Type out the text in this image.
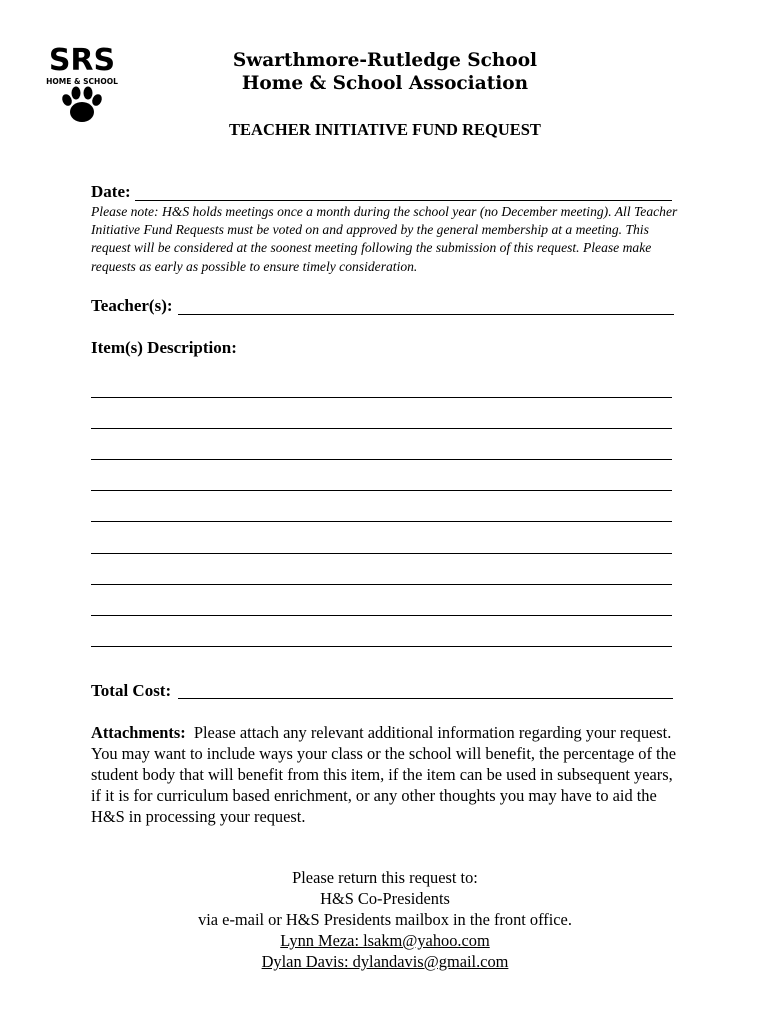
SRS
HOME & SCHOOL
Swarthmore-Rutledge School
Home & School Association
TEACHER INITIATIVE FUND REQUEST
Date:
Please note: H&S holds meetings once a month during the school year (no December meeting). All Teacher Initiative Fund Requests must be voted on and approved by the general membership at a meeting. This request will be considered at the soonest meeting following the submission of this request. Please make requests as early as possible to ensure timely consideration.
Teacher(s):
Item(s) Description:
Total Cost:
Attachments: Please attach any relevant additional information regarding your request. You may want to include ways your class or the school will benefit, the percentage of the student body that will benefit from this item, if the item can be used in subsequent years, if it is for curriculum based enrichment, or any other thoughts you may have to aid the H&S in processing your request.
Please return this request to:
H&S Co-Presidents
via e-mail or H&S Presidents mailbox in the front office.
Lynn Meza: lsakm@yahoo.com
Dylan Davis: dylandavis@gmail.com
